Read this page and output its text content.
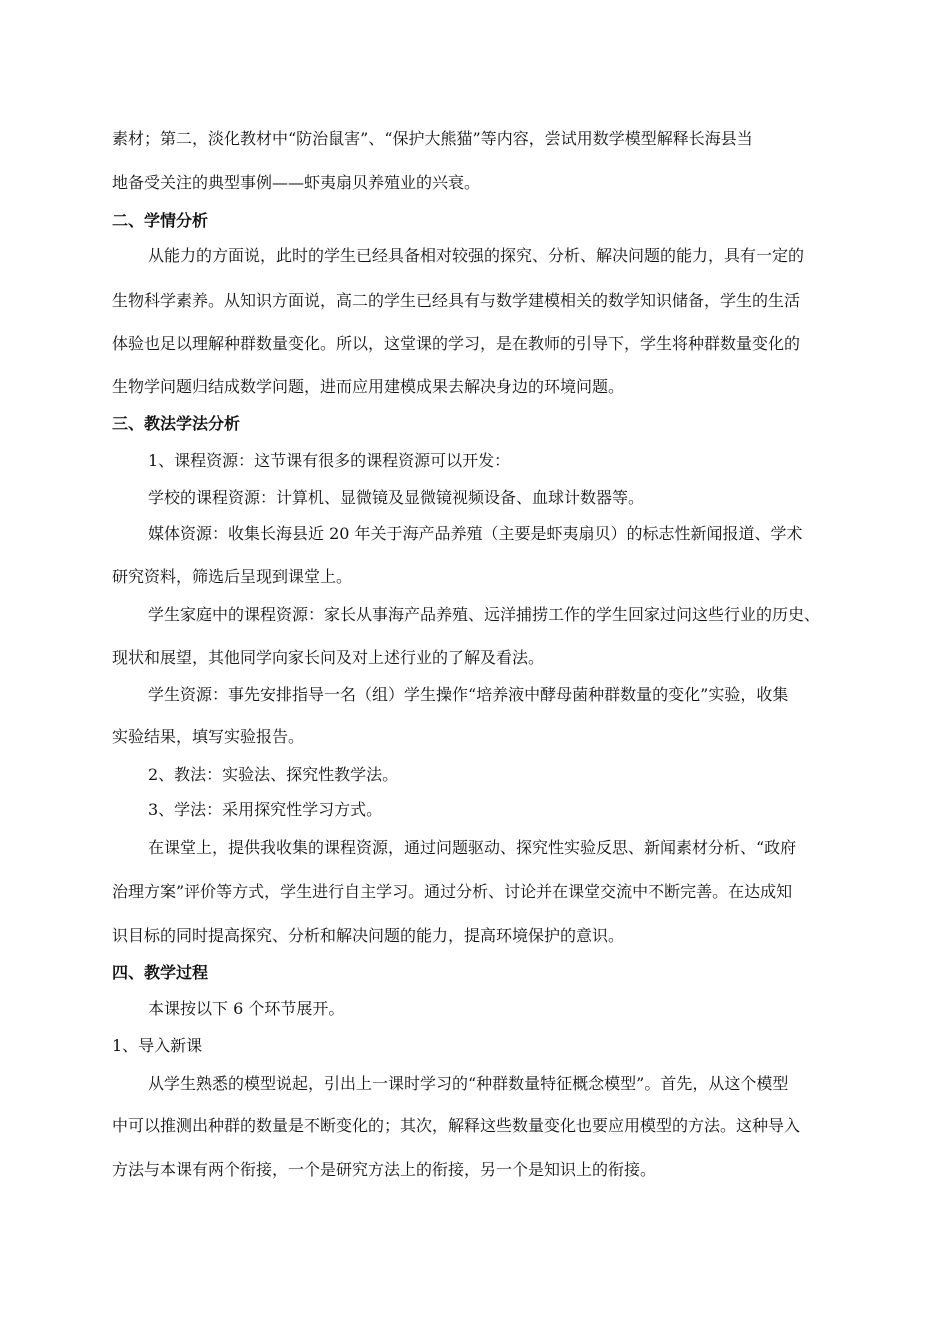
素材；第二，淡化教材中“防治鼠害”、“保护大熊猫”等内容，尝试用数学模型解释长海县当
地备受关注的典型事例——虾夷扇贝养殖业的兴衰。
二、学情分析
从能力的方面说，此时的学生已经具备相对较强的探究、分析、解决问题的能力，具有一定的
生物科学素养。从知识方面说，高二的学生已经具有与数学建模相关的数学知识储备，学生的生活
体验也足以理解种群数量变化。所以，这堂课的学习，是在教师的引导下，学生将种群数量变化的
生物学问题归结成数学问题，进而应用建模成果去解决身边的环境问题。
三、教法学法分析
1、课程资源：这节课有很多的课程资源可以开发：
学校的课程资源：计算机、显微镜及显微镜视频设备、血球计数器等。
媒体资源：收集长海县近 20 年关于海产品养殖（主要是虾夷扇贝）的标志性新闻报道、学术
研究资料，筛选后呈现到课堂上。
学生家庭中的课程资源：家长从事海产品养殖、远洋捕捞工作的学生回家过问这些行业的历史、
现状和展望，其他同学向家长问及对上述行业的了解及看法。
学生资源：事先安排指导一名（组）学生操作“培养液中酵母菌种群数量的变化”实验，收集
实验结果，填写实验报告。
2、教法：实验法、探究性教学法。
3、学法：采用探究性学习方式。
在课堂上，提供我收集的课程资源，通过问题驱动、探究性实验反思、新闻素材分析、“政府
治理方案”评价等方式，学生进行自主学习。通过分析、讨论并在课堂交流中不断完善。在达成知
识目标的同时提高探究、分析和解决问题的能力，提高环境保护的意识。
四、教学过程
本课按以下 6 个环节展开。
1、导入新课
从学生熟悉的模型说起，引出上一课时学习的“种群数量特征概念模型”。首先，从这个模型
中可以推测出种群的数量是不断变化的；其次，解释这些数量变化也要应用模型的方法。这种导入
方法与本课有两个衔接，一个是研究方法上的衔接，另一个是知识上的衔接。
